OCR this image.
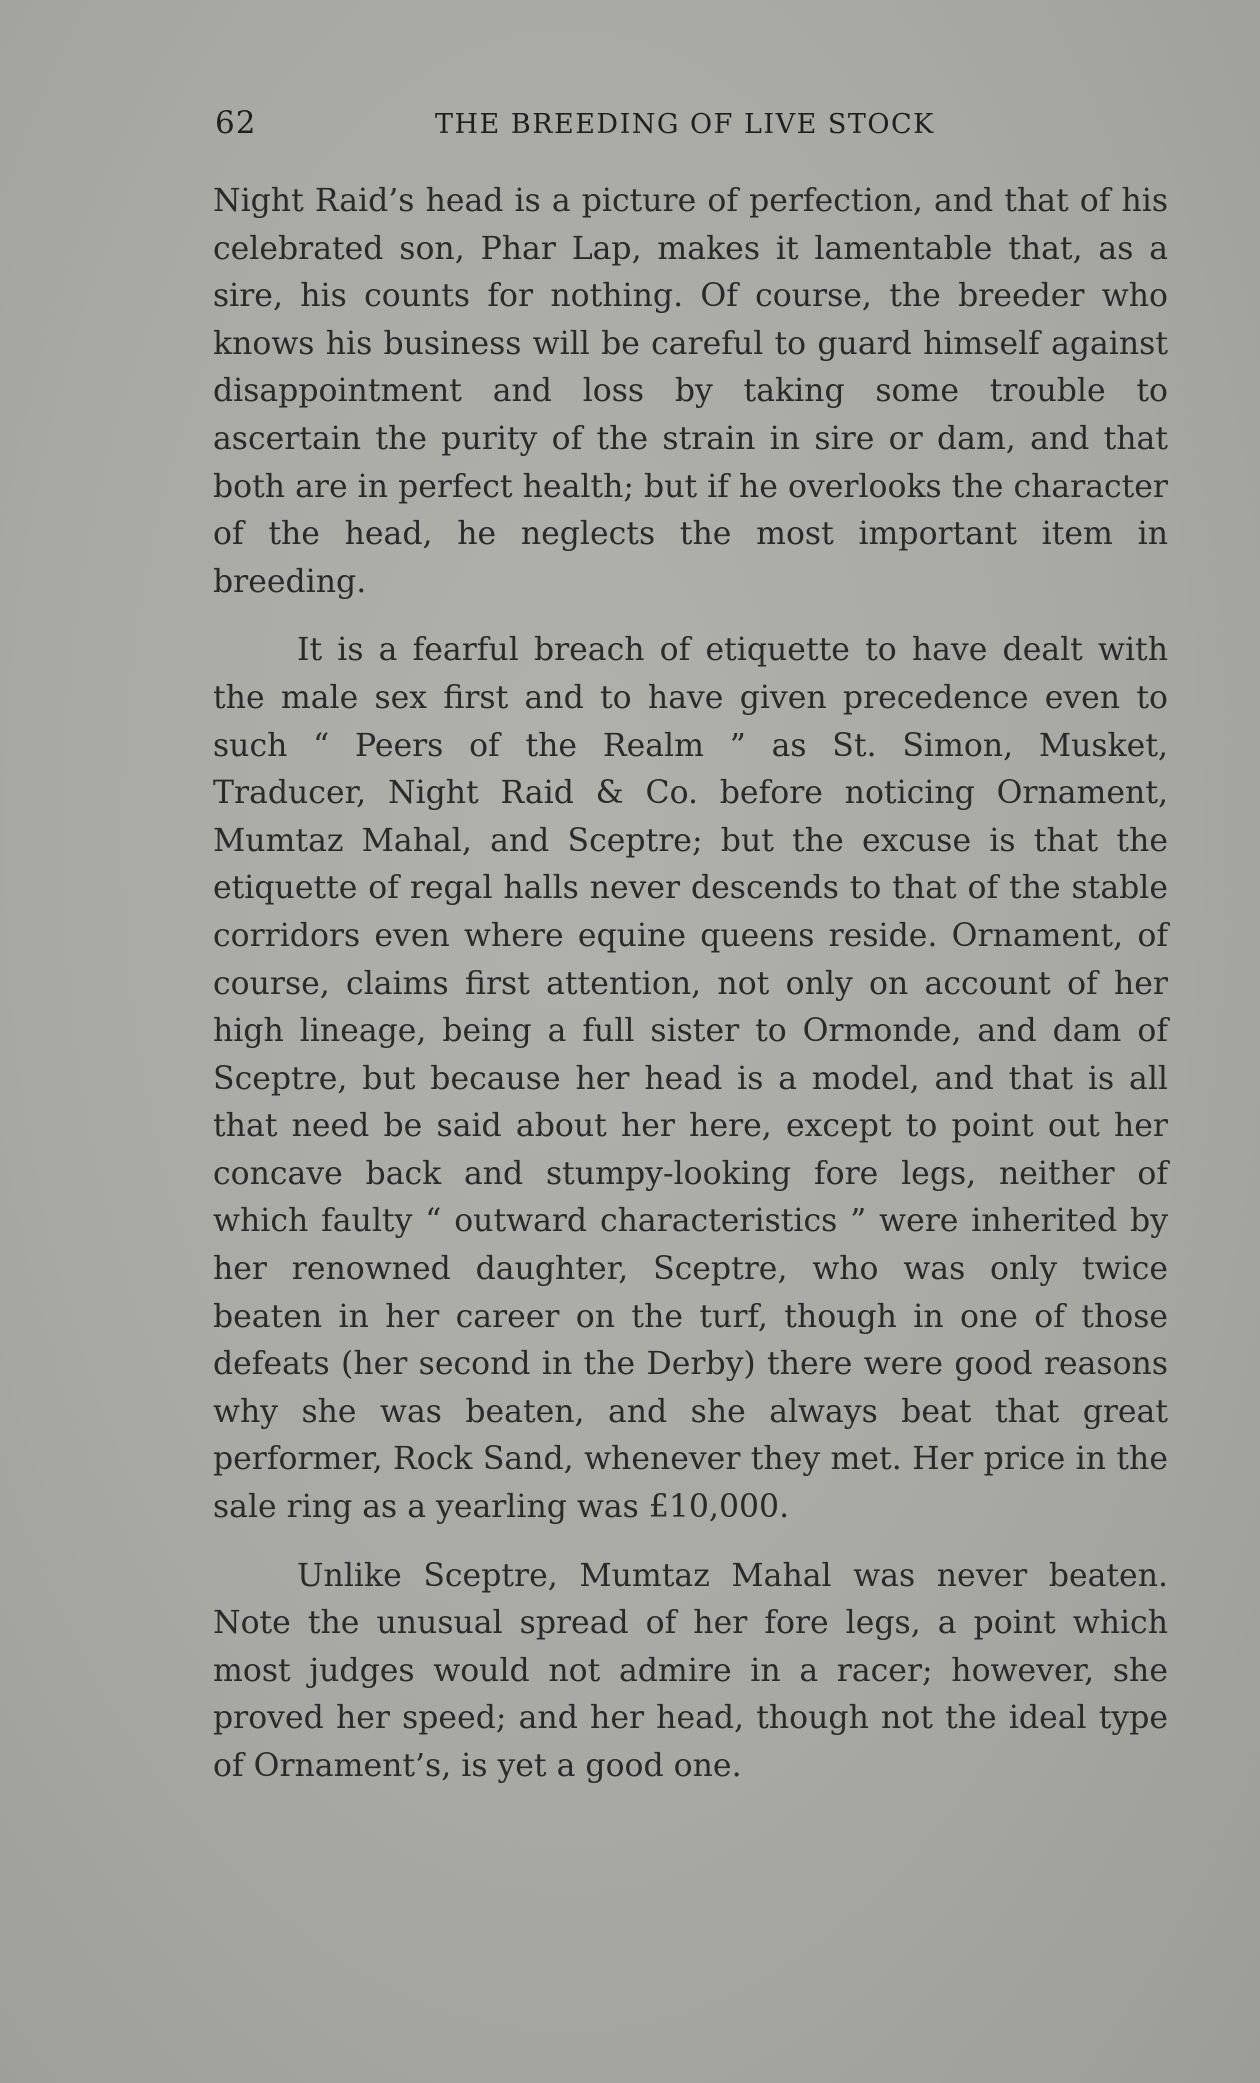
62	THE BREEDING OF LIVE STOCK

Night Raid’s head is a picture of perfection, and that of his celebrated son, Phar Lap, makes it lamentable that, as a sire, his counts for nothing. Of course, the breeder who knows his business will be careful to guard himself against disappointment and loss by taking some trouble to ascertain the purity of the strain in sire or dam, and that both are in perfect health; but if he overlooks the character of the head, he neglects the most important item in breeding.

It is a fearful breach of etiquette to have dealt with the male sex first and to have given precedence even to such “ Peers of the Realm ” as St. Simon, Musket, Traducer, Night Raid & Co. before noticing Ornament, Mumtaz Mahal, and Sceptre; but the excuse is that the etiquette of regal halls never descends to that of the stable corridors even where equine queens reside. Ornament, of course, claims first attention, not only on account of her high lineage, being a full sister to Ormonde, and dam of Sceptre, but because her head is a model, and that is all that need be said about her here, except to point out her concave back and stumpy-looking fore legs, neither of which faulty “ outward characteristics ” were inherited by her renowned daughter, Sceptre, who was only twice beaten in her career on the turf, though in one of those defeats (her second in the Derby) there were good reasons why she was beaten, and she always beat that great performer, Rock Sand, whenever they met. Her price in the sale ring as a yearling was £10,000.

Unlike Sceptre, Mumtaz Mahal was never beaten. Note the unusual spread of her fore legs, a point which most judges would not admire in a racer; however, she proved her speed; and her head, though not the ideal type of Ornament’s, is yet a good one.
